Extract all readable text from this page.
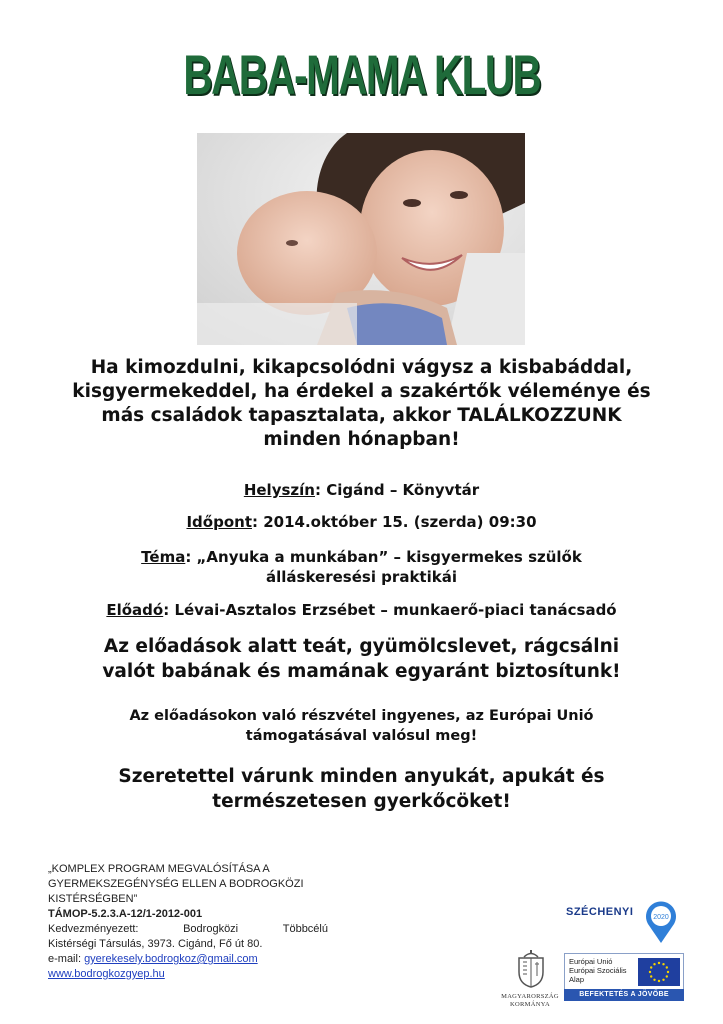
BABA-MAMA KLUB
Ha kimozdulni, kikapcsolódni vágysz a kisbabáddal, kisgyermekeddel, ha érdekel a szakértők véleménye és más családok tapasztalata, akkor TALÁLKOZZUNK minden hónapban!
Helyszín: Cigánd – Könyvtár
Időpont: 2014.október 15. (szerda) 09:30
Téma: „Anyuka a munkában” – kisgyermekes szülők álláskeresési praktikái
Előadó: Lévai-Asztalos Erzsébet – munkaerő-piaci tanácsadó
Az előadások alatt teát, gyümölcslevet, rágcsálni valót babának és mamának egyaránt biztosítunk!
Az előadásokon való részvétel ingyenes, az Európai Unió támogatásával valósul meg!
Szeretettel várunk minden anyukát, apukát és természetesen gyerkőcöket!
„KOMPLEX PROGRAM MEGVALÓSÍTÁSA A GYERMEKSZEGÉNYSÉG ELLEN A BODROGKÖZI KISTÉRSÉGBEN”
TÁMOP-5.2.3.A-12/1-2012-001
Kedvezményezett:	Bodrogközi	Többcélú
Kistérségi Társulás, 3973. Cigánd, Fő út 80.
e-mail: gyerekesely.bodrogkoz@gmail.com
www.bodrogkozgyep.hu
SZÉCHENYI	2020
MAGYARORSZÁG
KORMÁNYA
Európai Unió
Európai Szociális
Alap
BEFEKTETÉS A JÖVŐBE
